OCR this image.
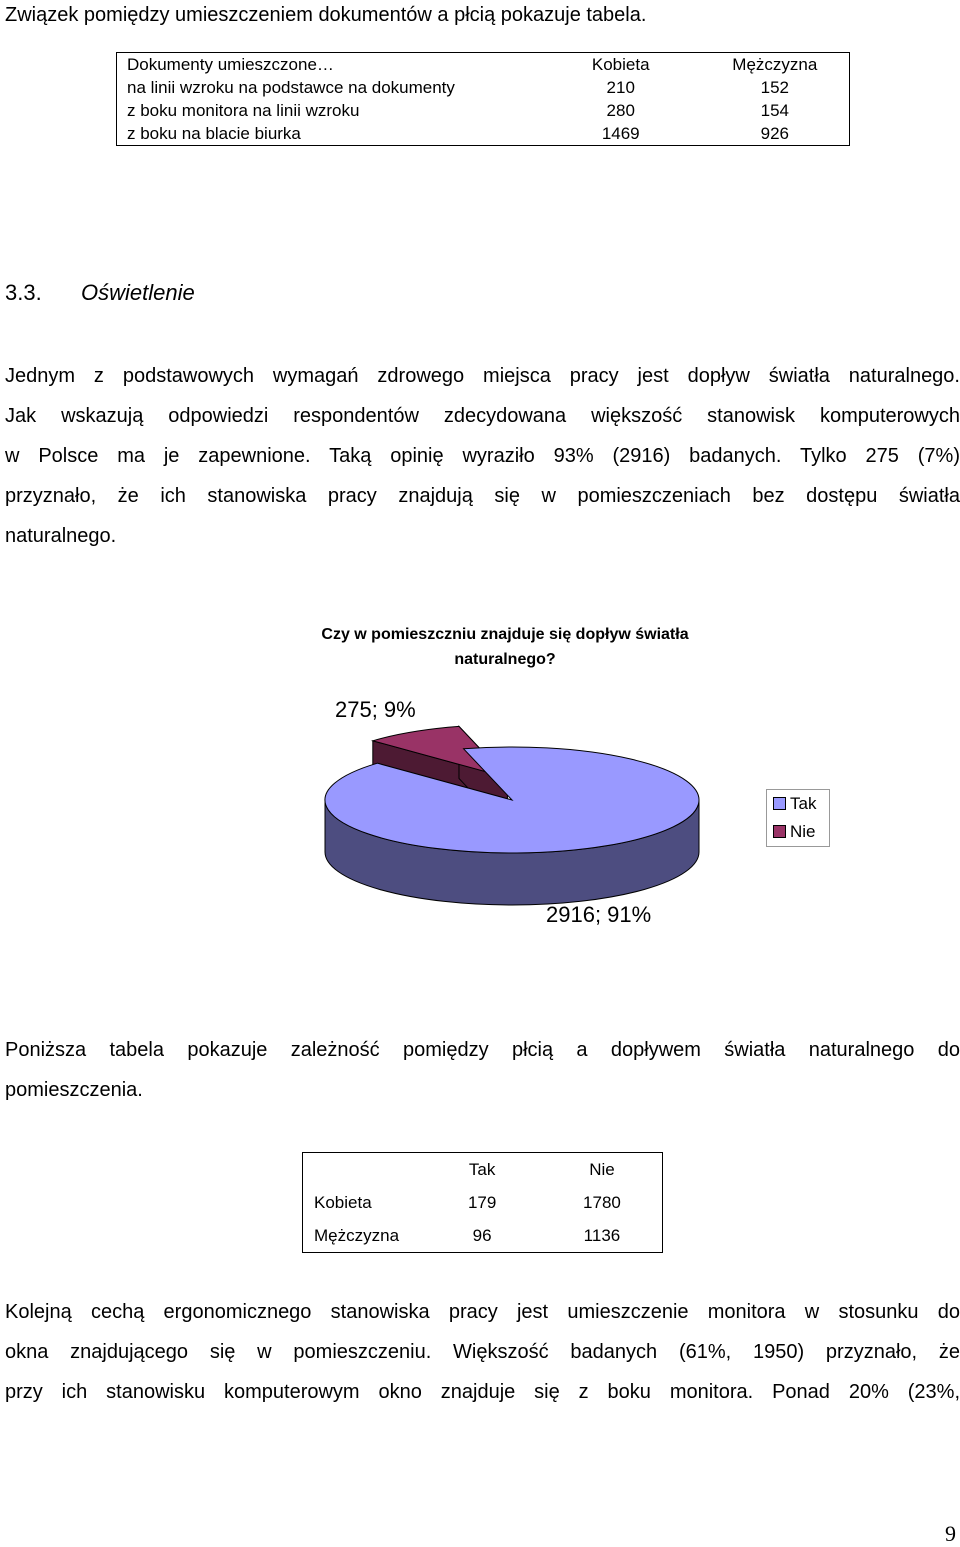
Związek pomiędzy umieszczeniem dokumentów a płcią pokazuje tabela.
Dokumenty umieszczone…	Kobieta	Mężczyzna
na linii wzroku na podstawce na dokumenty	210	152
z boku monitora na linii wzroku	280	154
z boku na blacie biurka	1469	926
3.3. Oświetlenie
Jednym z podstawowych wymagań zdrowego miejsca pracy jest dopływ światła naturalnego.
Jak wskazują odpowiedzi respondentów zdecydowana większość stanowisk komputerowych
w Polsce ma je zapewnione. Taką opinię wyraziło 93% (2916) badanych. Tylko 275 (7%)
przyznało, że ich stanowiska pracy znajdują się w pomieszczeniach bez dostępu światła
naturalnego.
Czy w pomieszczniu znajduje się dopływ światła
naturalnego?
275; 9%
2916; 91%
Tak
Nie
Poniższa tabela pokazuje zależność pomiędzy płcią a dopływem światła naturalnego do
pomieszczenia.
	Tak	Nie
Kobieta	179	1780
Mężczyzna	96	1136
Kolejną cechą ergonomicznego stanowiska pracy jest umieszczenie monitora w stosunku do
okna znajdującego się w pomieszczeniu. Większość badanych (61%, 1950) przyznało, że
przy ich stanowisku komputerowym okno znajduje się z boku monitora. Ponad 20% (23%,
9
